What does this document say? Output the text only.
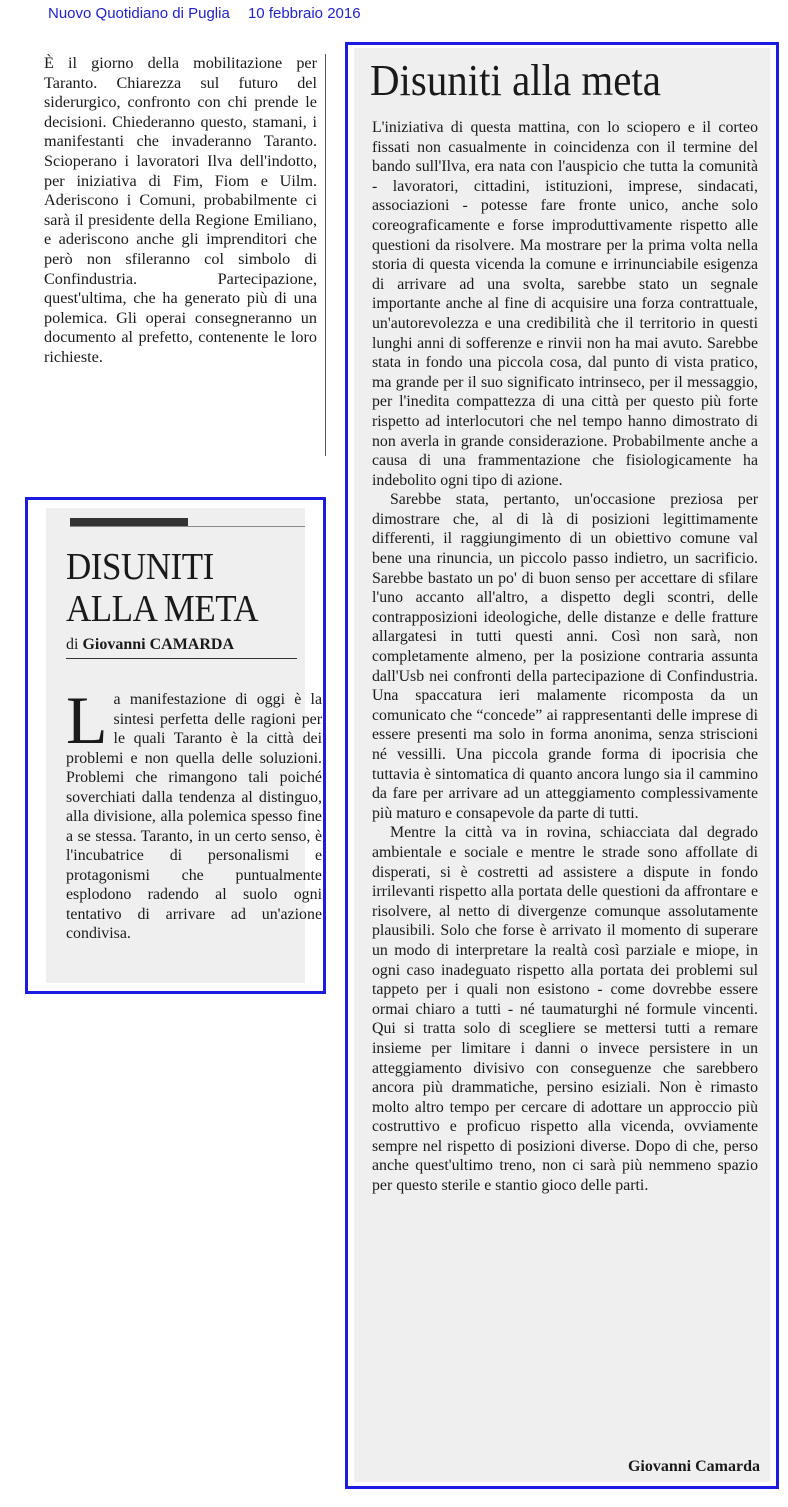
Nuovo Quotidiano di Puglia 10 febbraio 2016
È il giorno della mobilitazione per Taranto. Chiarezza sul futuro del siderurgico, confronto con chi prende le decisioni. Chiederanno questo, stamani, i manifestanti che invaderanno Taranto. Scioperano i lavoratori Ilva dell'indotto, per iniziativa di Fim, Fiom e Uilm. Aderiscono i Comuni, probabilmente ci sarà il presidente della Regione Emiliano, e aderiscono anche gli imprenditori che però non sfileranno col simbolo di Confindustria. Partecipazione, quest'ultima, che ha generato più di una polemica. Gli operai consegneranno un documento al prefetto, contenente le loro richieste.
DISUNITI
ALLA META
di Giovanni CAMARDA
L a manifestazione di oggi è la sintesi perfetta delle ragioni per le quali Taranto è la città dei problemi e non quella delle soluzioni. Problemi che rimangono tali poiché soverchiati dalla tendenza al distinguo, alla divisione, alla polemica spesso fine a se stessa. Taranto, in un certo senso, è l'incubatrice di personalismi e protagonismi che puntualmente esplodono radendo al suolo ogni tentativo di arrivare ad un'azione condivisa.
Disuniti alla meta

L'iniziativa di questa mattina, con lo sciopero e il corteo fissati non casualmente in coincidenza con il termine del bando sull'Ilva, era nata con l'auspicio che tutta la comunità - lavoratori, cittadini, istituzioni, imprese, sindacati, associazioni - potesse fare fronte unico, anche solo coreograficamente e forse improduttivamente rispetto alle questioni da risolvere. Ma mostrare per la prima volta nella storia di questa vicenda la comune e irrinunciabile esigenza di arrivare ad una svolta, sarebbe stato un segnale importante anche al fine di acquisire una forza contrattuale, un'autorevolezza e una credibilità che il territorio in questi lunghi anni di sofferenze e rinvii non ha mai avuto. Sarebbe stata in fondo una piccola cosa, dal punto di vista pratico, ma grande per il suo significato intrinseco, per il messaggio, per l'inedita compattezza di una città per questo più forte rispetto ad interlocutori che nel tempo hanno dimostrato di non averla in grande considerazione. Probabilmente anche a causa di una frammentazione che fisiologicamente ha indebolito ogni tipo di azione.

Sarebbe stata, pertanto, un'occasione preziosa per dimostrare che, al di là di posizioni legittimamente differenti, il raggiungimento di un obiettivo comune val bene una rinuncia, un piccolo passo indietro, un sacrificio. Sarebbe bastato un po' di buon senso per accettare di sfilare l'uno accanto all'altro, a dispetto degli scontri, delle contrapposizioni ideologiche, delle distanze e delle fratture allargatesi in tutti questi anni. Così non sarà, non completamente almeno, per la posizione contraria assunta dall'Usb nei confronti della partecipazione di Confindustria. Una spaccatura ieri malamente ricomposta da un comunicato che “concede” ai rappresentanti delle imprese di essere presenti ma solo in forma anonima, senza striscioni né vessilli. Una piccola grande forma di ipocrisia che tuttavia è sintomatica di quanto ancora lungo sia il cammino da fare per arrivare ad un atteggiamento complessivamente più maturo e consapevole da parte di tutti.

Mentre la città va in rovina, schiacciata dal degrado ambientale e sociale e mentre le strade sono affollate di disperati, si è costretti ad assistere a dispute in fondo irrilevanti rispetto alla portata delle questioni da affrontare e risolvere, al netto di divergenze comunque assolutamente plausibili. Solo che forse è arrivato il momento di superare un modo di interpretare la realtà così parziale e miope, in ogni caso inadeguato rispetto alla portata dei problemi sul tappeto per i quali non esistono - come dovrebbe essere ormai chiaro a tutti - né taumaturghi né formule vincenti. Qui si tratta solo di scegliere se mettersi tutti a remare insieme per limitare i danni o invece persistere in un atteggiamento divisivo con conseguenze che sarebbero ancora più drammatiche, persino esiziali. Non è rimasto molto altro tempo per cercare di adottare un approccio più costruttivo e proficuo rispetto alla vicenda, ovviamente sempre nel rispetto di posizioni diverse. Dopo di che, perso anche quest'ultimo treno, non ci sarà più nemmeno spazio per questo sterile e stantio gioco delle parti.

Giovanni Camarda
